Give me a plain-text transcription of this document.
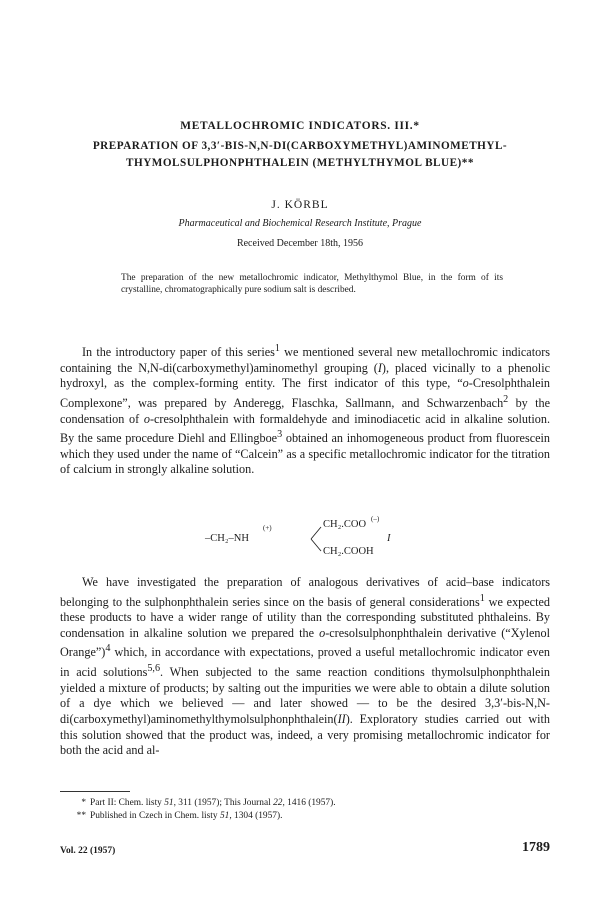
METALLOCHROMIC INDICATORS. III.*
PREPARATION OF 3,3′-BIS-N,N-DI(CARBOXYMETHYL)AMINOMETHYL-THYMOLSULPHONPHTHALEIN (METHYLTHYMOL BLUE)**
J. KÖRBL
Pharmaceutical and Biochemical Research Institute, Prague
Received December 18th, 1956
The preparation of the new metallochromic indicator, Methylthymol Blue, in the form of its crystalline, chromatographically pure sodium salt is described.
In the introductory paper of this series$^1$ we mentioned several new metallochromic indicators containing the N,N-di(carboxymethyl)aminomethyl grouping (I), placed vicinally to a phenolic hydroxyl, as the complex-forming entity. The first indicator of this type, “o-Cresolphthalein Complexone”, was prepared by Anderegg, Flaschka, Sallmann, and Schwarzenbach$^2$ by the condensation of o-cresolphthalein with formaldehyde and iminodiacetic acid in alkaline solution. By the same procedure Diehl and Ellingboe$^3$ obtained an inhomogeneous product from fluorescein which they used under the name of “Calcein” as a specific metallochromic indicator for the titration of calcium in strongly alkaline solution.
–CH₂–NH
(+)	CH₂.COO (–)
CH₂.COOH
I
We have investigated the preparation of analogous derivatives of acid–base indicators belonging to the sulphonphthalein series since on the basis of general considerations$^1$ we expected these products to have a wider range of utility than the corresponding substituted phthaleins. By condensation in alkaline solution we prepared the o-cresolsulphonphthalein derivative (“Xylenol Orange”)$^4$ which, in accordance with expectations, proved a useful metallochromic indicator even in acid solutions$^{5,6}$. When subjected to the same reaction conditions thymolsulphonphthalein yielded a mixture of products; by salting out the impurities we were able to obtain a dilute solution of a dye which we believed — and later showed — to be the desired 3,3′-bis-N,N-di(carboxymethyl)aminomethylthymolsulphonphthalein(II). Exploratory studies carried out with this solution showed that the product was, indeed, a very promising metallochromic indicator for both the acid and al-
* Part II: Chem. listy 51, 311 (1957); This Journal 22, 1416 (1957).
** Published in Czech in Chem. listy 51, 1304 (1957).
Vol. 22 (1957)	1789
